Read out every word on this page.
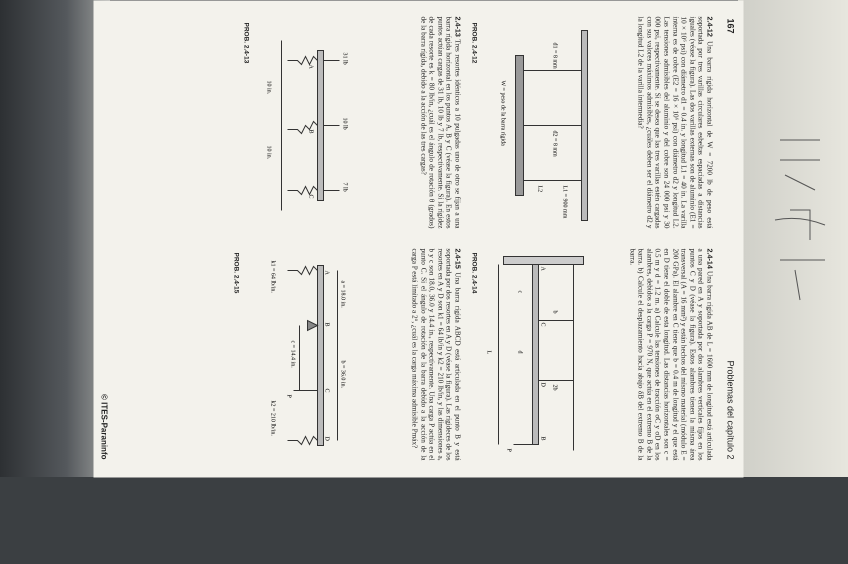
167
Problemas del capítulo 2
2.4-12 Una barra rígida horizontal de W = 7200 lb de peso está soportada por tres varillas circulares esbeltas espaciadas a distancias iguales (véase la figura). Las dos varillas externas son de aluminio (E1 = 10 × 10⁶ psi) con diámetro d1 = 0.4 in. y longitud L1 = 40 in. La varilla interna es de cobre (E2 = 16 × 10⁶ psi) con diámetro d2 y longitud L2. Las tensiones admisibles del aluminio y del cobre son 24 000 psi y 30 000 psi, respectivamente. Si se desea que las tres varillas estén cargadas con sus valores máximos admisibles, ¿cuáles deben ser el diámetro d2 y la longitud L2 de la varilla intermedia?
d1 = 8 mm
d2 = 8 mm
L1 = 900 mm
L2
W = peso de la barra rígida
PROB. 2.4-12
2.4-13 Tres resortes idénticos a 10 pulgadas uno de otro se fijan a una barra rígida horizontal en los puntos A, B y C (véase la figura). En estos puntos actúan cargas de 31 lb, 10 lb y 7 lb, respectivamente. Si la rigidez de cada resorte es k = 80 lb/in, ¿cuál es el ángulo de rotación θ (grados) de la barra rígida, debido a la acción de las tres cargas?
31 lb
10 lb
7 lb
A
B
C
10 in.
10 in.
PROB. 2.4-13
2.4-14 Una barra rígida AB de L = 1600 mm de longitud está articulada a una pared en A y soportada por dos alambres verticales fijos en los puntos C y D (véase la figura). Estos alambres tienen la misma área transversal (A = 16 mm²) y están hechos del mismo material (módulo E = 200 GPa). El alambre en C tiene que b = 0.4 m de longitud y el que está en D tiene el doble de esta longitud. Las distancias horizontales son c = 0.5 m y d = 1.2 m. a) Calcule las tensiones de tracción σC y σD en los alambres, debidos a la carga P = 970 N, que actúa en el extremo B de la barra. b) Calcule el desplazamiento hacia abajo δB del extremo B de la barra.
A
C
D
B
b
2b
c
d
L
P
PROB. 2.4-14
2.4-15 Una barra rígida ABCD está articulada en el punto B y está soportada por dos resortes en A y D (véase la figura). Las rigideces de los resortes en A y D son k1 = 64 lb/in y k2 = 210 lb/in, y las dimensiones a, b y c son 18.0, 36.0 y 14.4 in., respectivamente. Una carga P actúa en el punto C. Si el ángulo de rotación de la barra debido a la acción de la carga P está limitado a 2°, ¿cuál es la carga máxima admisible Pmáx?
a = 18.0 in.
b = 36.0 in.
c = 14.4 in.
A
B
C
D
P
k1 = 64 lb/in.
k2 = 210 lb/in.
PROB. 2.4-15
© ITES-Paraninfo
